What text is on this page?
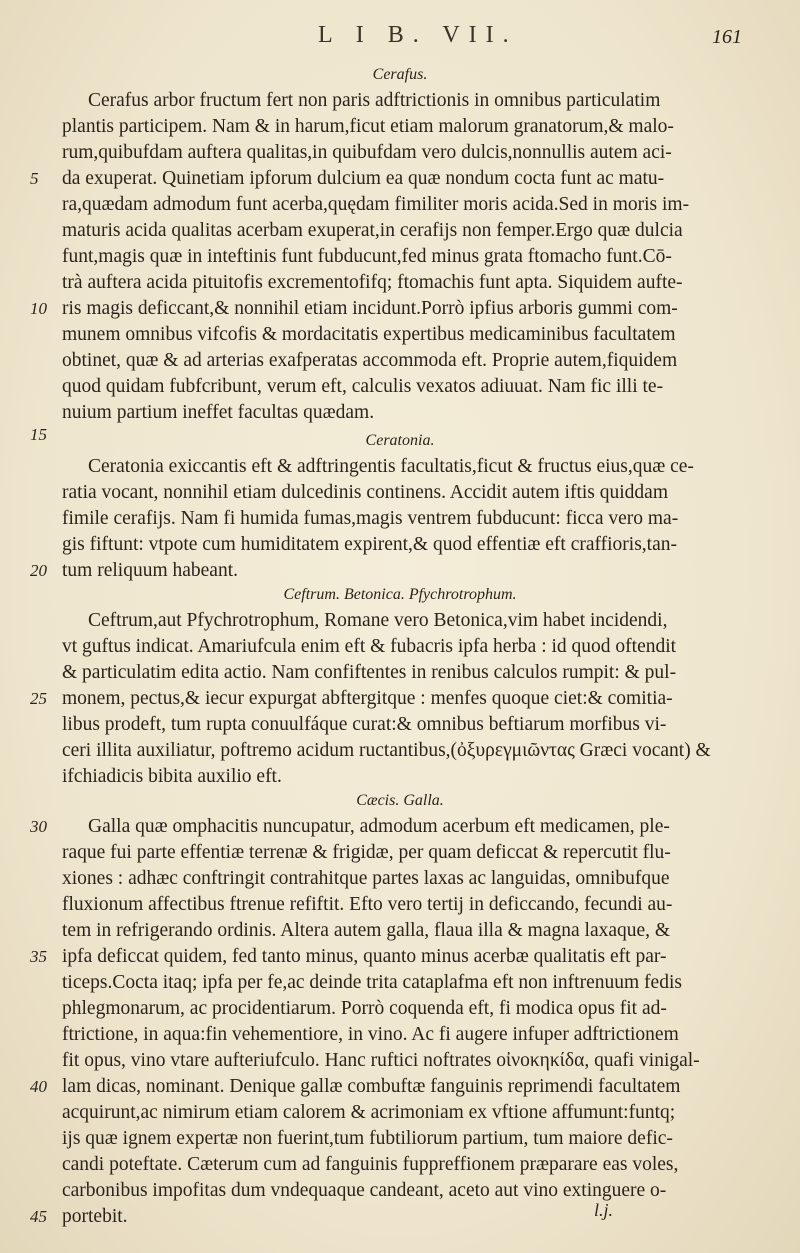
L I B. VII.	161
Cerafus.
Cerafus arbor fructum fert non paris adftrictionis in omnibus particulatim
plantis participem. Nam & in harum,ficut etiam malorum granatorum,& malo-
rum,quibufdam auftera qualitas,in quibufdam vero dulcis,nonnullis autem aci-
da exuperat. Quinetiam ipforum dulcium ea quæ nondum cocta funt ac matu-
ra,quædam admodum funt acerba,quędam fimiliter moris acida.Sed in moris im-
maturis acida qualitas acerbam exuperat,in cerafijs non femper.Ergo quæ dulcia
funt,magis quæ in inteftinis funt fubducunt,fed minus grata ftomacho funt.Cō-
trà auftera acida pituitofis excrementofifq; ftomachis funt apta. Siquidem aufte-
ris magis deficcant,& nonnihil etiam incidunt.Porrò ipfius arboris gummi com-
munem omnibus vifcofis & mordacitatis expertibus medicaminibus facultatem
obtinet, quæ & ad arterias exafperatas accommoda eft. Proprie autem,fiquidem
quod quidam fubfcribunt, verum eft, calculis vexatos adiuuat. Nam fic illi te-
nuium partium ineffet facultas quædam.
Ceratonia.
Ceratonia exiccantis eft & adftringentis facultatis,ficut & fructus eius,quæ ce-
ratia vocant, nonnihil etiam dulcedinis continens. Accidit autem iftis quiddam
fimile cerafijs. Nam fi humida fumas,magis ventrem fubducunt: ficca vero ma-
gis fiftunt: vtpote cum humiditatem expirent,& quod effentiæ eft craffioris,tan-
tum reliquum habeant.
Ceftrum. Betonica. Pfychrotrophum.
Ceftrum,aut Pfychrotrophum, Romane vero Betonica,vim habet incidendi,
vt guftus indicat. Amariufcula enim eft & fubacris ipfa herba : id quod oftendit
& particulatim edita actio. Nam confiftentes in renibus calculos rumpit: & pul-
monem, pectus,& iecur expurgat abftergitque : menfes quoque ciet:& comitia-
libus prodeft, tum rupta conuulfáque curat:& omnibus beftiarum morfibus vi-
ceri illita auxiliatur, poftremo acidum ructantibus,(ὀξυρεγμιῶντας Græci vocant) &
ifchiadicis bibita auxilio eft.
Cæcis. Galla.
Galla quæ omphacitis nuncupatur, admodum acerbum eft medicamen, ple-
raque fui parte effentiæ terrenæ & frigidæ, per quam deficcat & repercutit flu-
xiones : adhæc conftringit contrahitque partes laxas ac languidas, omnibufque
fluxionum affectibus ftrenue refiftit. Efto vero tertij in deficcando, fecundi au-
tem in refrigerando ordinis. Altera autem galla, flaua illa & magna laxaque, &
ipfa deficcat quidem, fed tanto minus, quanto minus acerbæ qualitatis eft par-
ticeps.Cocta itaq; ipfa per fe,ac deinde trita cataplafma eft non inftrenuum fedis
phlegmonarum, ac procidentiarum. Porrò coquenda eft, fi modica opus fit ad-
ftrictione, in aqua:fin vehementiore, in vino. Ac fi augere infuper adftrictionem
fit opus, vino vtare aufteriufculo. Hanc ruftici noftrates οἰνοκηκίδα, quafi vinigal-
lam dicas, nominant. Denique gallæ combuftæ fanguinis reprimendi facultatem
acquirunt,ac nimirum etiam calorem & acrimoniam ex vftione affumunt:funtq;
ijs quæ ignem expertæ non fuerint,tum fubtiliorum partium, tum maiore defic-
candi poteftate. Cæterum cum ad fanguinis fuppreffionem præparare eas voles,
carbonibus impofitas dum vndequaque candeant, aceto aut vino extinguere o-
portebit.
5
10
15
20
25
30
35
40
45	l.j.
